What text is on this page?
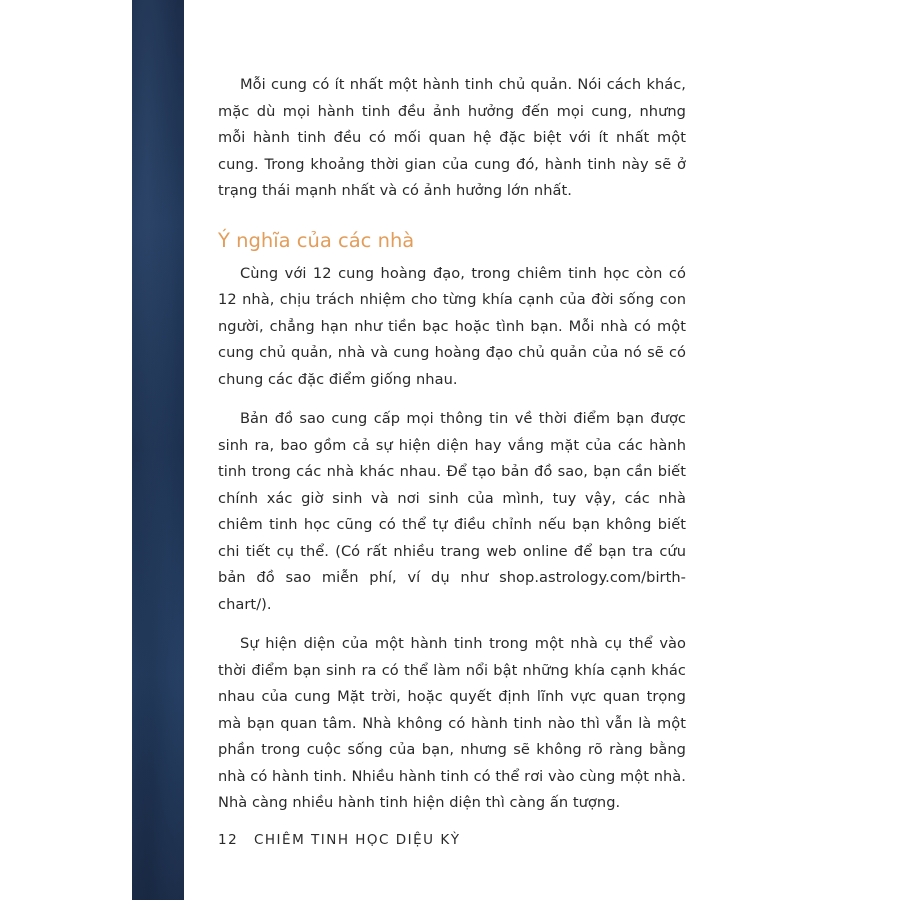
Mỗi cung có ít nhất một hành tinh chủ quản. Nói cách khác, mặc dù mọi hành tinh đều ảnh hưởng đến mọi cung, nhưng mỗi hành tinh đều có mối quan hệ đặc biệt với ít nhất một cung. Trong khoảng thời gian của cung đó, hành tinh này sẽ ở trạng thái mạnh nhất và có ảnh hưởng lớn nhất.

Ý nghĩa của các nhà

Cùng với 12 cung hoàng đạo, trong chiêm tinh học còn có 12 nhà, chịu trách nhiệm cho từng khía cạnh của đời sống con người, chẳng hạn như tiền bạc hoặc tình bạn. Mỗi nhà có một cung chủ quản, nhà và cung hoàng đạo chủ quản của nó sẽ có chung các đặc điểm giống nhau.

Bản đồ sao cung cấp mọi thông tin về thời điểm bạn được sinh ra, bao gồm cả sự hiện diện hay vắng mặt của các hành tinh trong các nhà khác nhau. Để tạo bản đồ sao, bạn cần biết chính xác giờ sinh và nơi sinh của mình, tuy vậy, các nhà chiêm tinh học cũng có thể tự điều chỉnh nếu bạn không biết chi tiết cụ thể. (Có rất nhiều trang web online để bạn tra cứu bản đồ sao miễn phí, ví dụ như shop.astrology.com/birth-chart/).

Sự hiện diện của một hành tinh trong một nhà cụ thể vào thời điểm bạn sinh ra có thể làm nổi bật những khía cạnh khác nhau của cung Mặt trời, hoặc quyết định lĩnh vực quan trọng mà bạn quan tâm. Nhà không có hành tinh nào thì vẫn là một phần trong cuộc sống của bạn, nhưng sẽ không rõ ràng bằng nhà có hành tinh. Nhiều hành tinh có thể rơi vào cùng một nhà. Nhà càng nhiều hành tinh hiện diện thì càng ấn tượng.

12 CHIÊM TINH HỌC DIỆU KỲ
